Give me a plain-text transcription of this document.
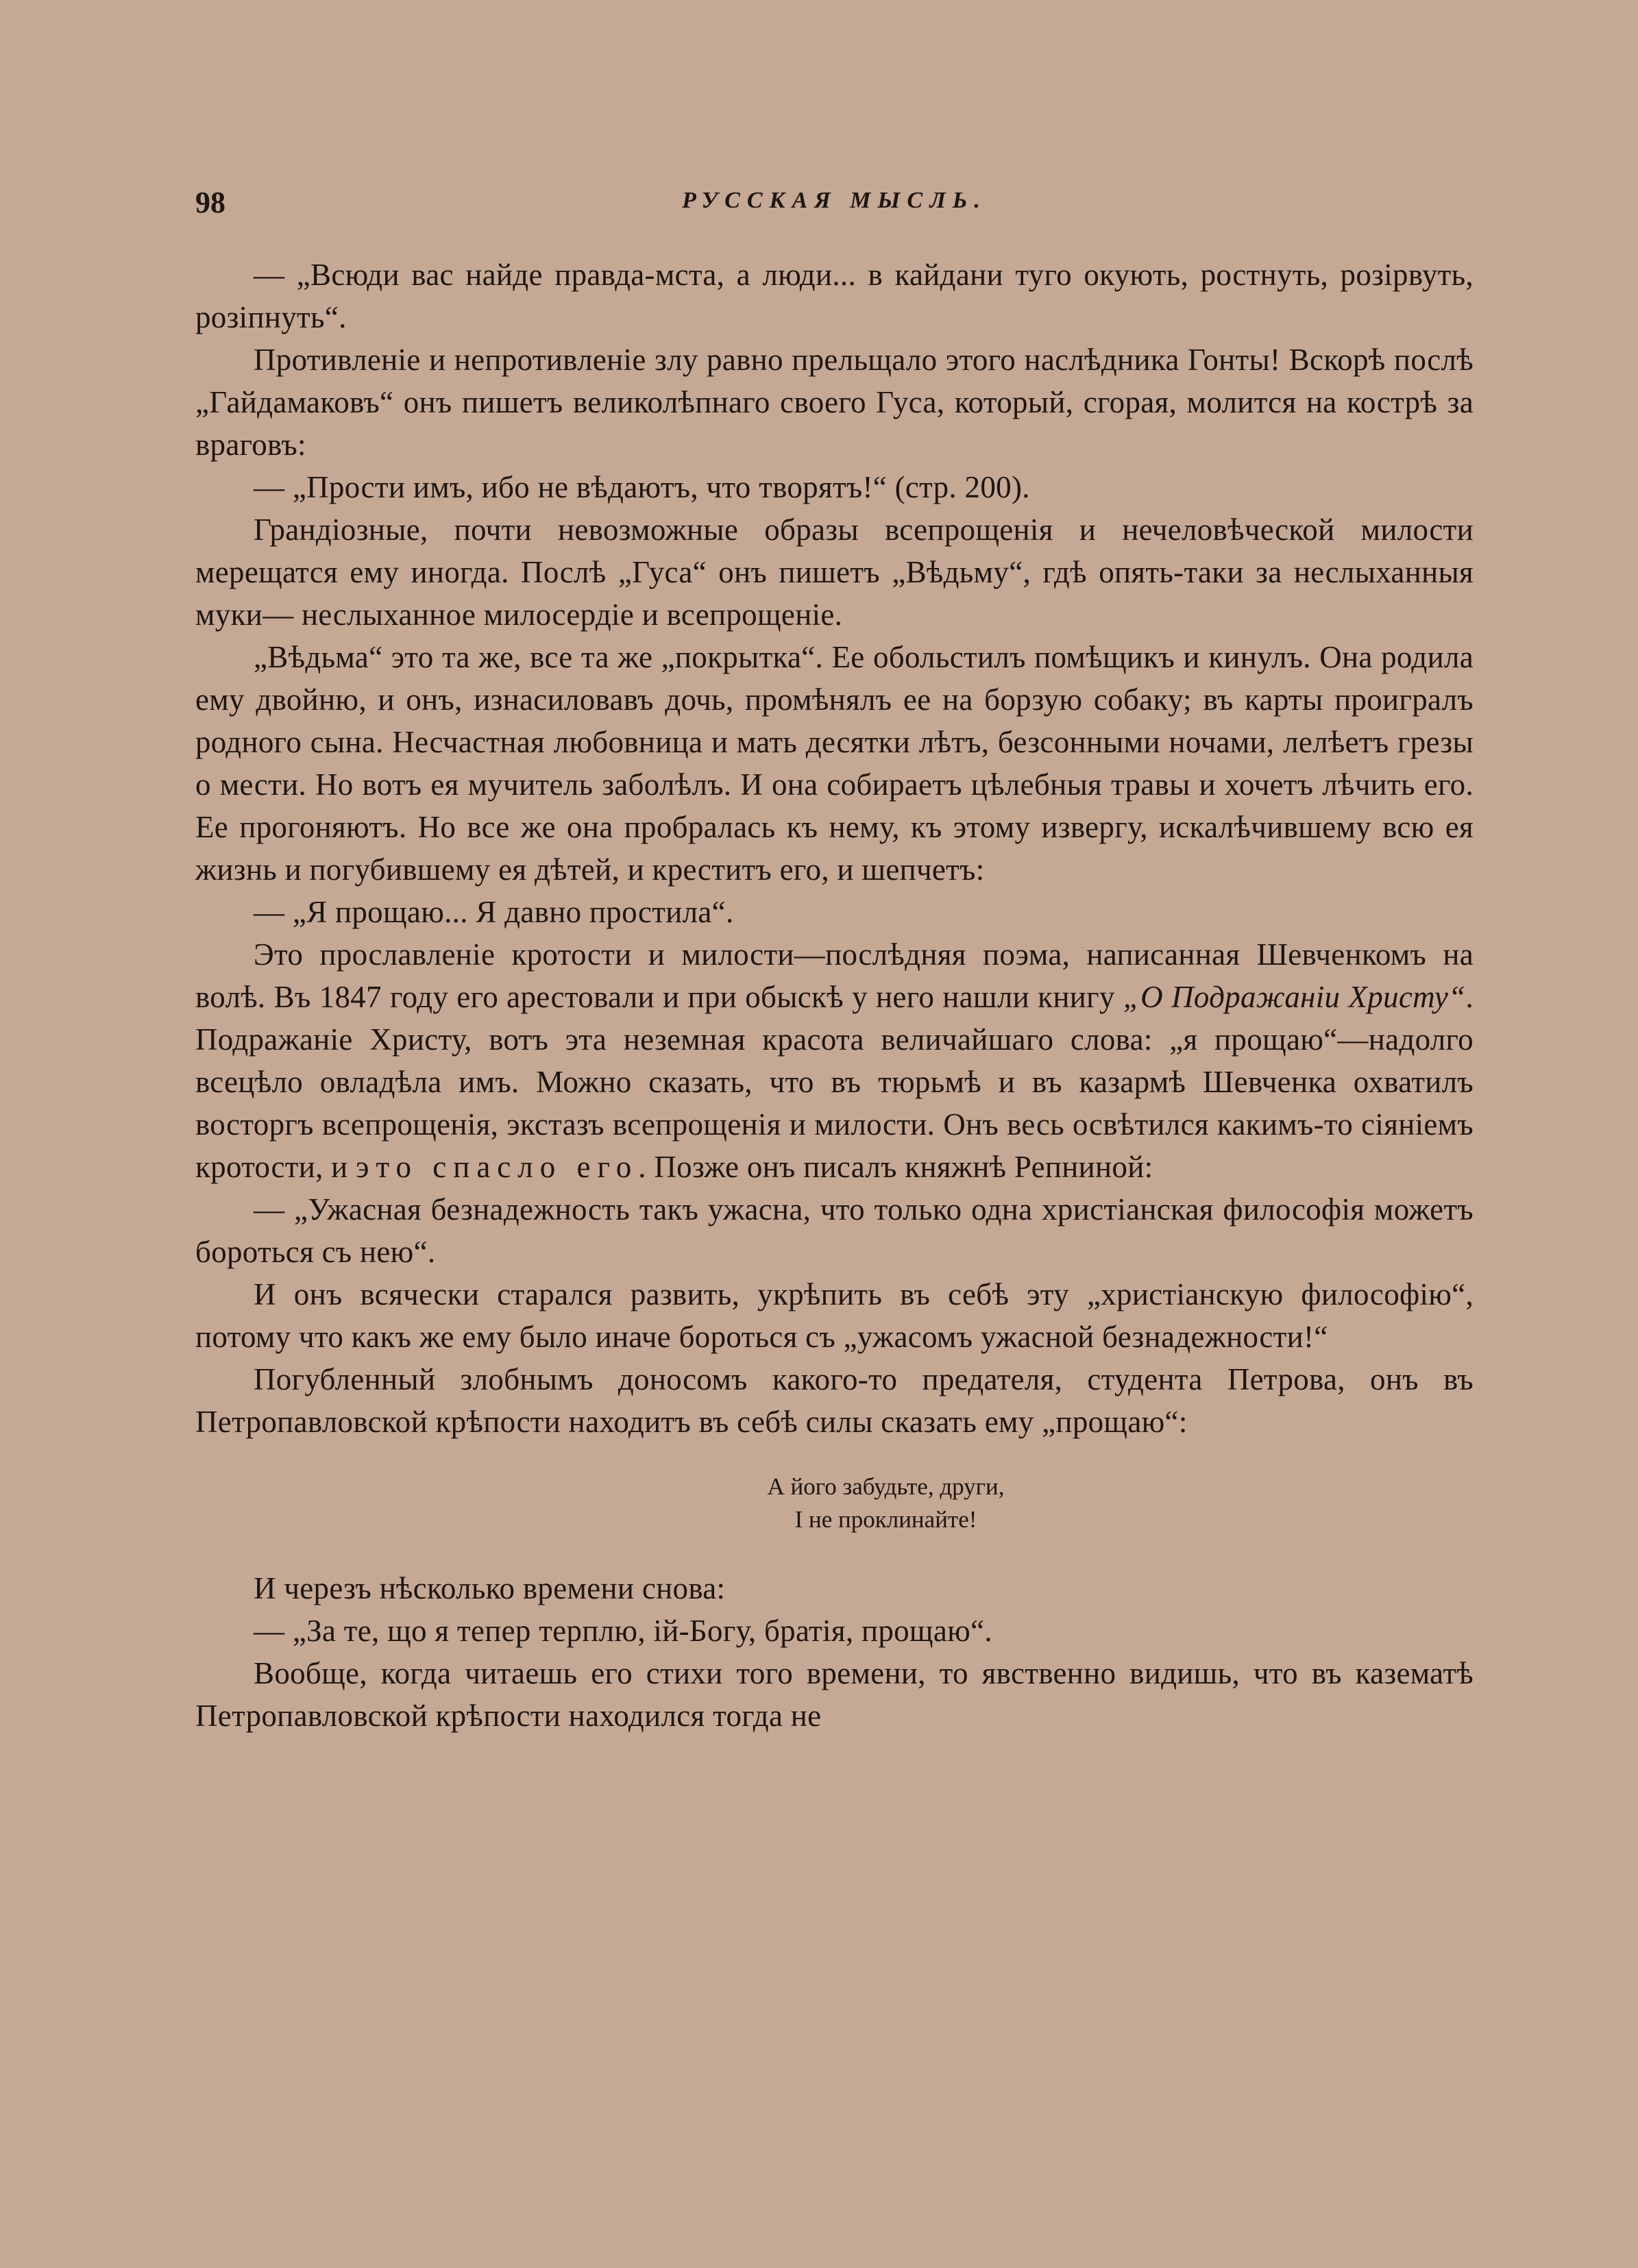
98	РУССКАЯ МЫСЛЬ.

— „Всюди вас найде правда-мста, а люди... в кайдани туго окують, ростнуть, розірвуть, розіпнуть“.

Противленіе и непротивленіе злу равно прельщало этого наслѣдника Гонты! Вскорѣ послѣ „Гайдамаковъ“ онъ пишетъ великолѣпнаго своего Гуса, который, сгорая, молится на кострѣ за враговъ:

— „Прости имъ, ибо не вѣдаютъ, что творятъ!“ (стр. 200).

Грандіозные, почти невозможные образы всепрощенія и нечеловѣческой милости мерещатся ему иногда. Послѣ „Гуса“ онъ пишетъ „Вѣдьму“, гдѣ опять-таки за неслыханныя муки— неслыханное милосердіе и всепрощеніе.

„Вѣдьма“ это та же, все та же „покрытка“. Ее обольстилъ помѣщикъ и кинулъ. Она родила ему двойню, и онъ, изнасиловавъ дочь, промѣнялъ ее на борзую собаку; въ карты проигралъ родного сына. Несчастная любовница и мать десятки лѣтъ, безсонными ночами, лелѣетъ грезы о мести. Но вотъ ея мучитель заболѣлъ. И она собираетъ цѣлебныя травы и хочетъ лѣчить его. Ее прогоняютъ. Но все же она пробралась къ нему, къ этому извергу, искалѣчившему всю ея жизнь и погубившему ея дѣтей, и креститъ его, и шепчетъ:

— „Я прощаю... Я давно простила“.

Это прославленіе кротости и милости—послѣдняя поэма, написанная Шевченкомъ на волѣ. Въ 1847 году его арестовали и при обыскѣ у него нашли книгу „О Подражаніи Христу“. Подражаніе Христу, вотъ эта неземная красота величайшаго слова: „я прощаю“—надолго всецѣло овладѣла имъ. Можно сказать, что въ тюрьмѣ и въ казармѣ Шевченка охватилъ восторгъ всепрощенія, экстазъ всепрощенія и милости. Онъ весь освѣтился какимъ-то сіяніемъ кротости, и это спасло его. Позже онъ писалъ княжнѣ Репниной:

— „Ужасная безнадежность такъ ужасна, что только одна христіанская философія можетъ бороться съ нею“.

И онъ всячески старался развить, укрѣпить въ себѣ эту „христіанскую философію“, потому что какъ же ему было иначе бороться съ „ужасомъ ужасной безнадежности!“

Погубленный злобнымъ доносомъ какого-то предателя, студента Петрова, онъ въ Петропавловской крѣпости находитъ въ себѣ силы сказать ему „прощаю“:

А його забудьте, други,
І не проклинайте!

И черезъ нѣсколько времени снова:

— „За те, що я тепер терплю, ій-Богу, братія, прощаю“.

Вообще, когда читаешь его стихи того времени, то явственно видишь, что въ казематѣ Петропавловской крѣпости находился тогда не
